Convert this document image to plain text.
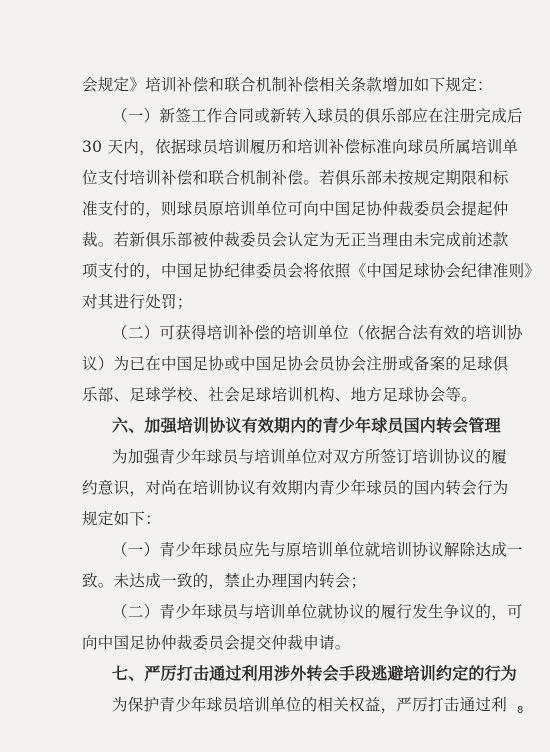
会规定》培训补偿和联合机制补偿相关条款增加如下规定：
（一）新签工作合同或新转入球员的俱乐部应在注册完成后
30 天内，依据球员培训履历和培训补偿标准向球员所属培训单
位支付培训补偿和联合机制补偿。若俱乐部未按规定期限和标
准支付的，则球员原培训单位可向中国足协仲裁委员会提起仲
裁。若新俱乐部被仲裁委员会认定为无正当理由未完成前述款
项支付的，中国足协纪律委员会将依照《中国足球协会纪律准则》
对其进行处罚；
（二）可获得培训补偿的培训单位（依据合法有效的培训协
议）为已在中国足协或中国足协会员协会注册或备案的足球俱
乐部、足球学校、社会足球培训机构、地方足球协会等。
六、加强培训协议有效期内的青少年球员国内转会管理
为加强青少年球员与培训单位对双方所签订培训协议的履
约意识，对尚在培训协议有效期内青少年球员的国内转会行为
规定如下：
（一）青少年球员应先与原培训单位就培训协议解除达成一
致。未达成一致的，禁止办理国内转会；
（二）青少年球员与培训单位就协议的履行发生争议的，可
向中国足协仲裁委员会提交仲裁申请。
七、严厉打击通过利用涉外转会手段逃避培训约定的行为
为保护青少年球员培训单位的相关权益，严厉打击通过利 8
